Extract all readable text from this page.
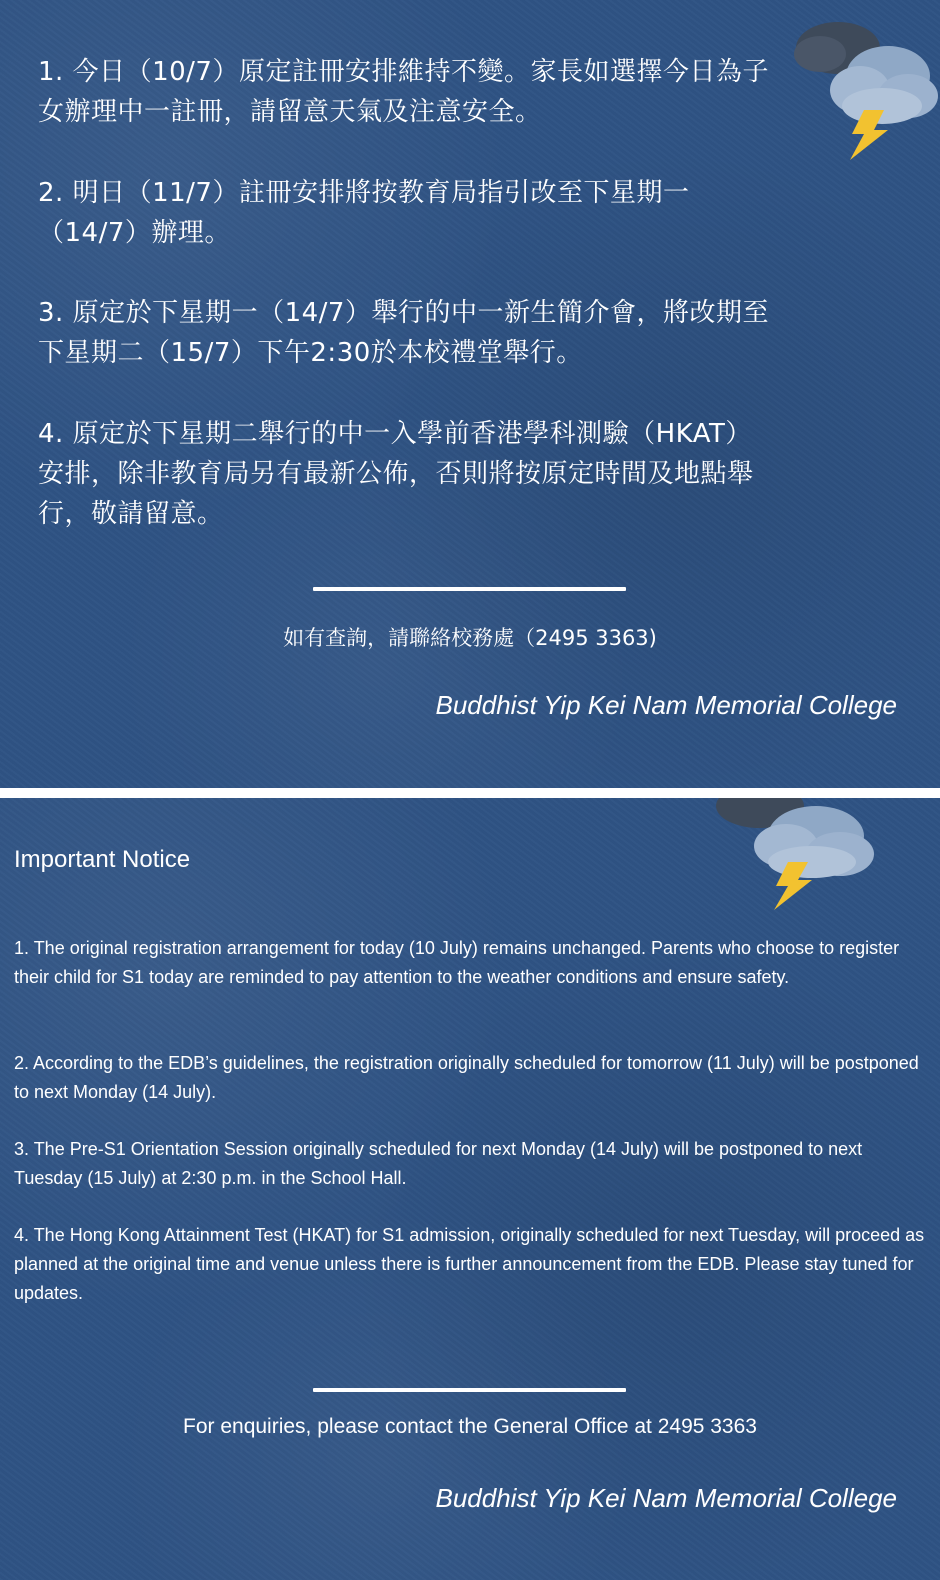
1. 今日（10/7）原定註冊安排維持不變。家長如選擇今日為子女辦理中一註冊，請留意天氣及注意安全。

2. 明日（11/7）註冊安排將按教育局指引改至下星期一（14/7）辦理。

3. 原定於下星期一（14/7）舉行的中一新生簡介會，將改期至下星期二（15/7）下午2:30於本校禮堂舉行。

4. 原定於下星期二舉行的中一入學前香港學科測驗（HKAT）安排，除非教育局另有最新公佈，否則將按原定時間及地點舉行，敬請留意。

如有查詢，請聯絡校務處（2495 3363)

Buddhist Yip Kei Nam Memorial College

Important Notice

1. The original registration arrangement for today (10 July) remains unchanged. Parents who choose to register their child for S1 today are reminded to pay attention to the weather conditions and ensure safety.

2. According to the EDB’s guidelines, the registration originally scheduled for tomorrow (11 July) will be postponed to next Monday (14 July).

3. The Pre-S1 Orientation Session originally scheduled for next Monday (14 July) will be postponed to next Tuesday (15 July) at 2:30 p.m. in the School Hall.

4. The Hong Kong Attainment Test (HKAT) for S1 admission, originally scheduled for next Tuesday, will proceed as planned at the original time and venue unless there is further announcement from the EDB. Please stay tuned for updates.

For enquiries, please contact the General Office at 2495 3363

Buddhist Yip Kei Nam Memorial College
